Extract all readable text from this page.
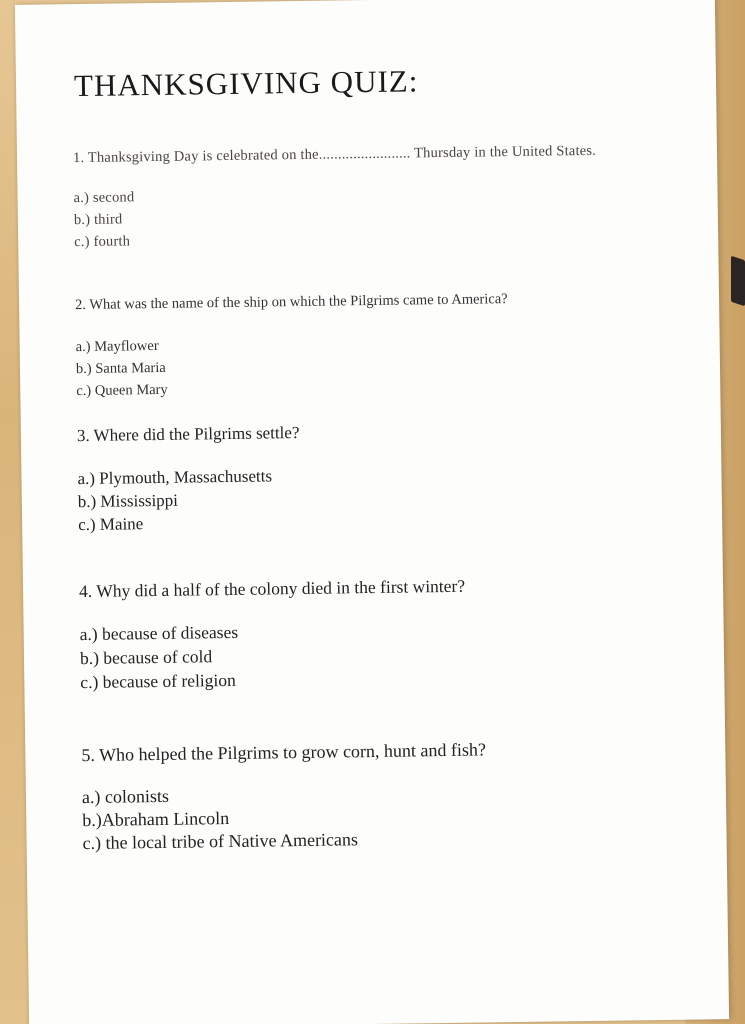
THANKSGIVING QUIZ:
1. Thanksgiving Day is celebrated on the........................ Thursday in the United States.
a.) second
b.) third
c.) fourth
2. What was the name of the ship on which the Pilgrims came to America?
a.) Mayflower
b.) Santa Maria
c.) Queen Mary
3. Where did the Pilgrims settle?
a.) Plymouth, Massachusetts
b.) Mississippi
c.) Maine
4. Why did a half of the colony died in the first winter?
a.) because of diseases
b.) because of cold
c.) because of religion
5. Who helped the Pilgrims to grow corn, hunt and fish?
a.) colonists
b.)Abraham Lincoln
c.) the local tribe of Native Americans
